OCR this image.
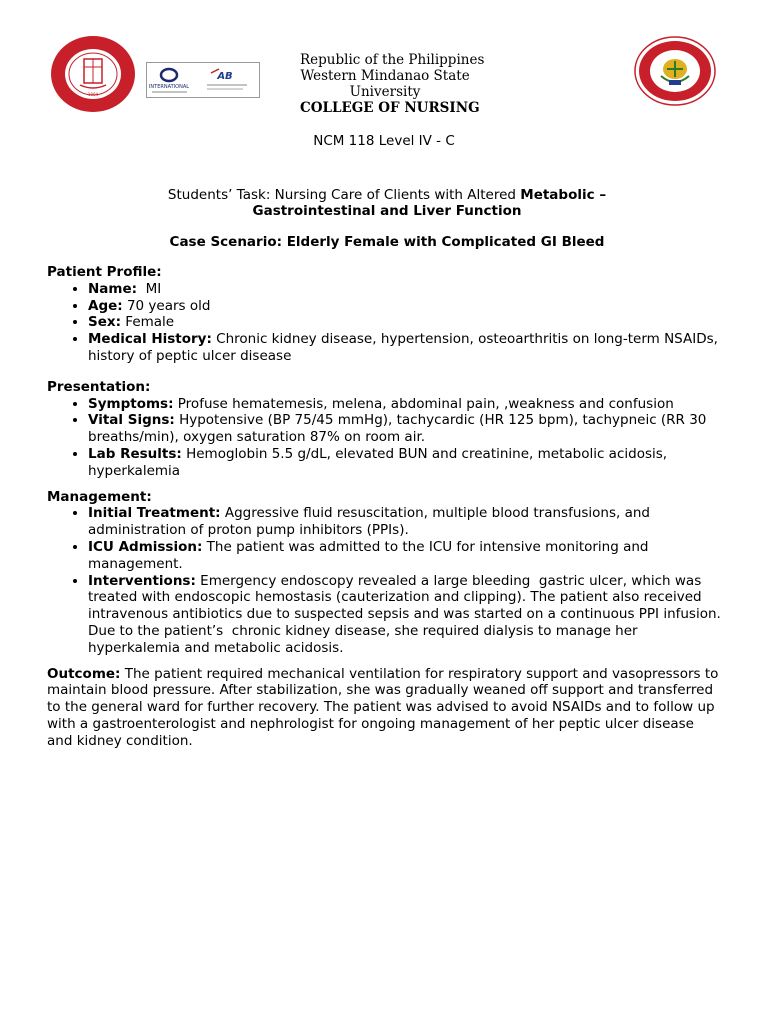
1904
INTERNATIONAL
AB
Republic of the Philippines
Western Mindanao State
University
COLLEGE OF NURSING
NCM 118 Level IV - C
Students’ Task: Nursing Care of Clients with Altered Metabolic – Gastrointestinal and Liver Function
Case Scenario: Elderly Female with Complicated GI Bleed

Patient Profile:

• Name:  MI
• Age: 70 years old
• Sex: Female
• Medical History: Chronic kidney disease, hypertension, osteoarthritis on long-term NSAIDs, history of peptic ulcer disease

Presentation:

• Symptoms: Profuse hematemesis, melena, abdominal pain, ,weakness and confusion
• Vital Signs: Hypotensive (BP 75/45 mmHg), tachycardic (HR 125 bpm), tachypneic (RR 30 breaths/min), oxygen saturation 87% on room air.
• Lab Results: Hemoglobin 5.5 g/dL, elevated BUN and creatinine, metabolic acidosis, hyperkalemia

Management:

• Initial Treatment: Aggressive fluid resuscitation, multiple blood transfusions, and administration of proton pump inhibitors (PPIs).
• ICU Admission: The patient was admitted to the ICU for intensive monitoring and management.
• Interventions: Emergency endoscopy revealed a large bleeding  gastric ulcer, which was treated with endoscopic hemostasis (cauterization and clipping). The patient also received intravenous antibiotics due to suspected sepsis and was started on a continuous PPI infusion. Due to the patient’s  chronic kidney disease, she required dialysis to manage her hyperkalemia and metabolic acidosis.

Outcome: The patient required mechanical ventilation for respiratory support and vasopressors to maintain blood pressure. After stabilization, she was gradually weaned off support and transferred to the general ward for further recovery. The patient was advised to avoid NSAIDs and to follow up with a gastroenterologist and nephrologist for ongoing management of her peptic ulcer disease and kidney condition.
